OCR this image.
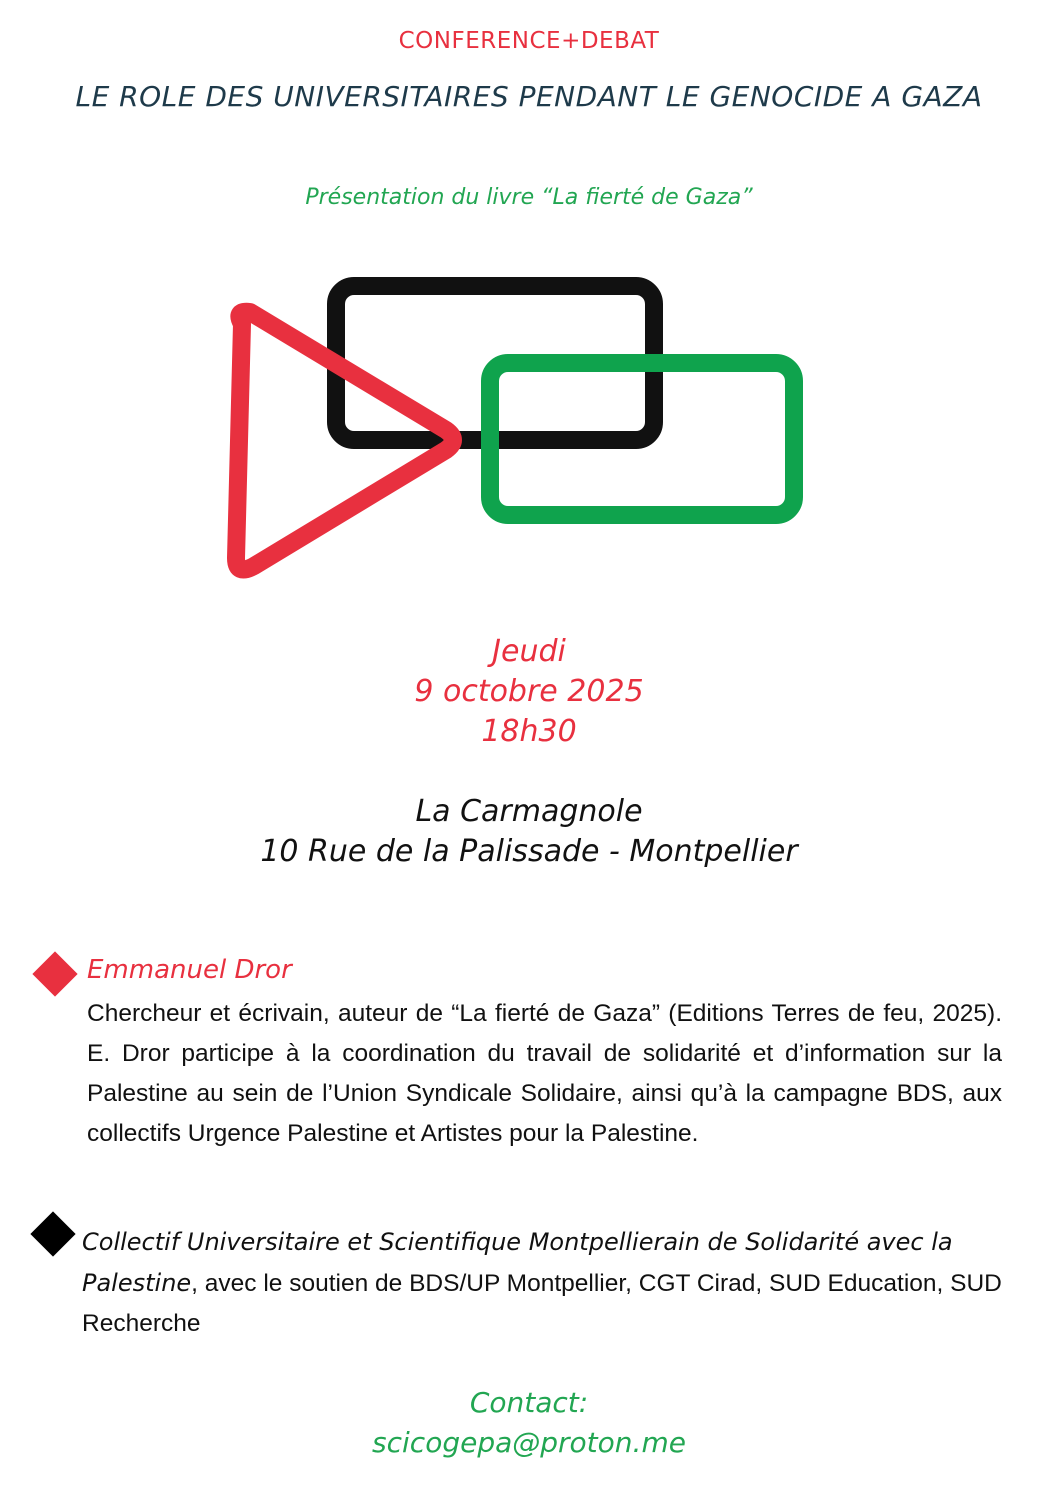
CONFERENCE+DEBAT
LE ROLE DES UNIVERSITAIRES PENDANT LE GENOCIDE A GAZA
Présentation du livre “La fierté de Gaza”
Jeudi
9 octobre 2025
18h30
La Carmagnole
10 Rue de la Palissade - Montpellier
Emmanuel Dror
Chercheur et écrivain, auteur de “La fierté de Gaza” (Editions Terres de feu, 2025). E. Dror participe à la coordination du travail de solidarité et d’information sur la Palestine au sein de l’Union Syndicale Solidaire, ainsi qu’à la campagne BDS, aux collectifs Urgence Palestine et Artistes pour la Palestine.
Collectif Universitaire et Scientifique Montpellierain de Solidarité avec la Palestine, avec le soutien de BDS/UP Montpellier, CGT Cirad, SUD Education, SUD Recherche
Contact:
scicogepa@proton.me
